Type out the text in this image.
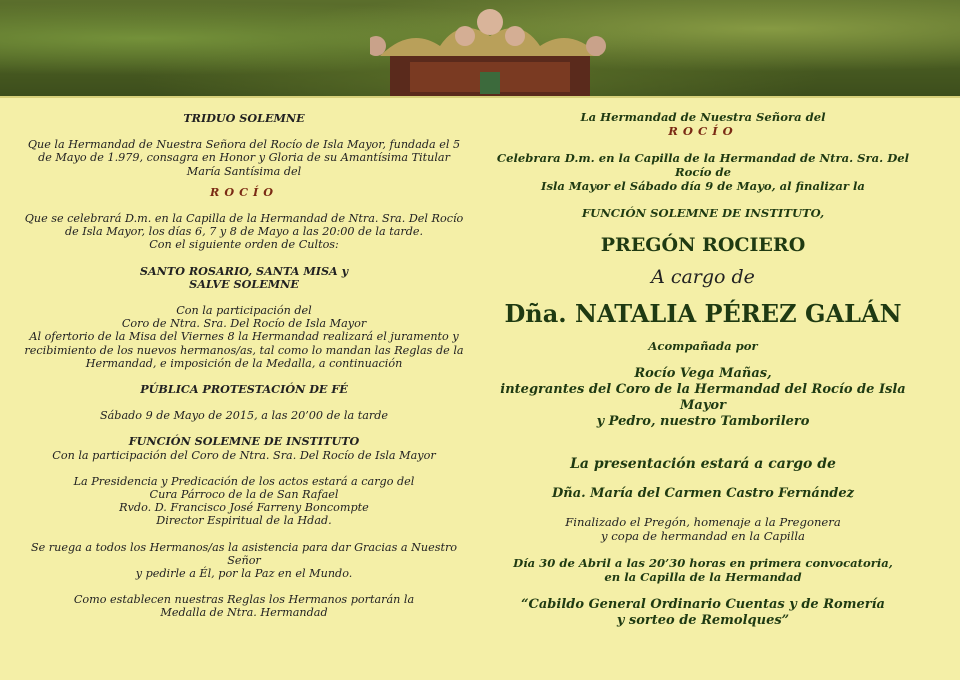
TRIDUO SOLEMNE

Que la Hermandad de Nuestra Señora del Rocío de Isla Mayor, fundada el 5 de Mayo de 1.979, consagra en Honor y Gloria de su Amantísima Titular María Santísima del

ROCÍO

Que se celebrará D.m. en la Capilla de la Hermandad de Ntra. Sra. Del Rocío de Isla Mayor, los días 6, 7 y 8 de Mayo a las 20:00 de la tarde.

Con el siguiente orden de Cultos:

SANTO ROSARIO, SANTA MISA y

SALVE SOLEMNE

Con la participación del

Coro de Ntra. Sra. Del Rocío de Isla Mayor

Al ofertorio de la Misa del Viernes 8 la Hermandad realizará el juramento y recibimiento de los nuevos hermanos/as, tal como lo mandan las Reglas de la Hermandad, e imposición de la Medalla, a continuación

PÚBLICA PROTESTACIÓN DE FÉ

Sábado 9 de Mayo de 2015, a las 20’00 de la tarde

FUNCIÓN SOLEMNE DE INSTITUTO

Con la participación del Coro de Ntra. Sra. Del Rocío de Isla Mayor

La Presidencia y Predicación de los actos estará a cargo del

Cura Párroco de la de San Rafael

Rvdo. D. Francisco José Farreny Boncompte

Director Espiritual de la Hdad.

Se ruega a todos los Hermanos/as la asistencia para dar Gracias a Nuestro Señor

y pedirle a Él, por la Paz en el Mundo.

Como establecen nuestras Reglas los Hermanos portarán la

Medalla de Ntra. Hermandad

La Hermandad de Nuestra Señora del

ROCÍO

Celebrara D.m. en la Capilla de la Hermandad de Ntra. Sra. Del Rocío de

Isla Mayor el Sábado día 9 de Mayo, al finalizar la

FUNCIÓN SOLEMNE DE INSTITUTO,

PREGÓN ROCIERO

A cargo de

Dña. NATALIA PÉREZ GALÁN

Acompañada por

Rocío Vega Mañas,

integrantes del Coro de la Hermandad del Rocío de Isla Mayor

y Pedro, nuestro Tamborilero

La presentación estará a cargo de

Dña. María del Carmen Castro Fernández

Finalizado el Pregón, homenaje a la Pregonera

y copa de hermandad en la Capilla

Día 30 de Abril a las 20’30 horas en primera convocatoria,

en la Capilla de la Hermandad

“Cabildo General Ordinario Cuentas y de Romería

y sorteo de Remolques”
